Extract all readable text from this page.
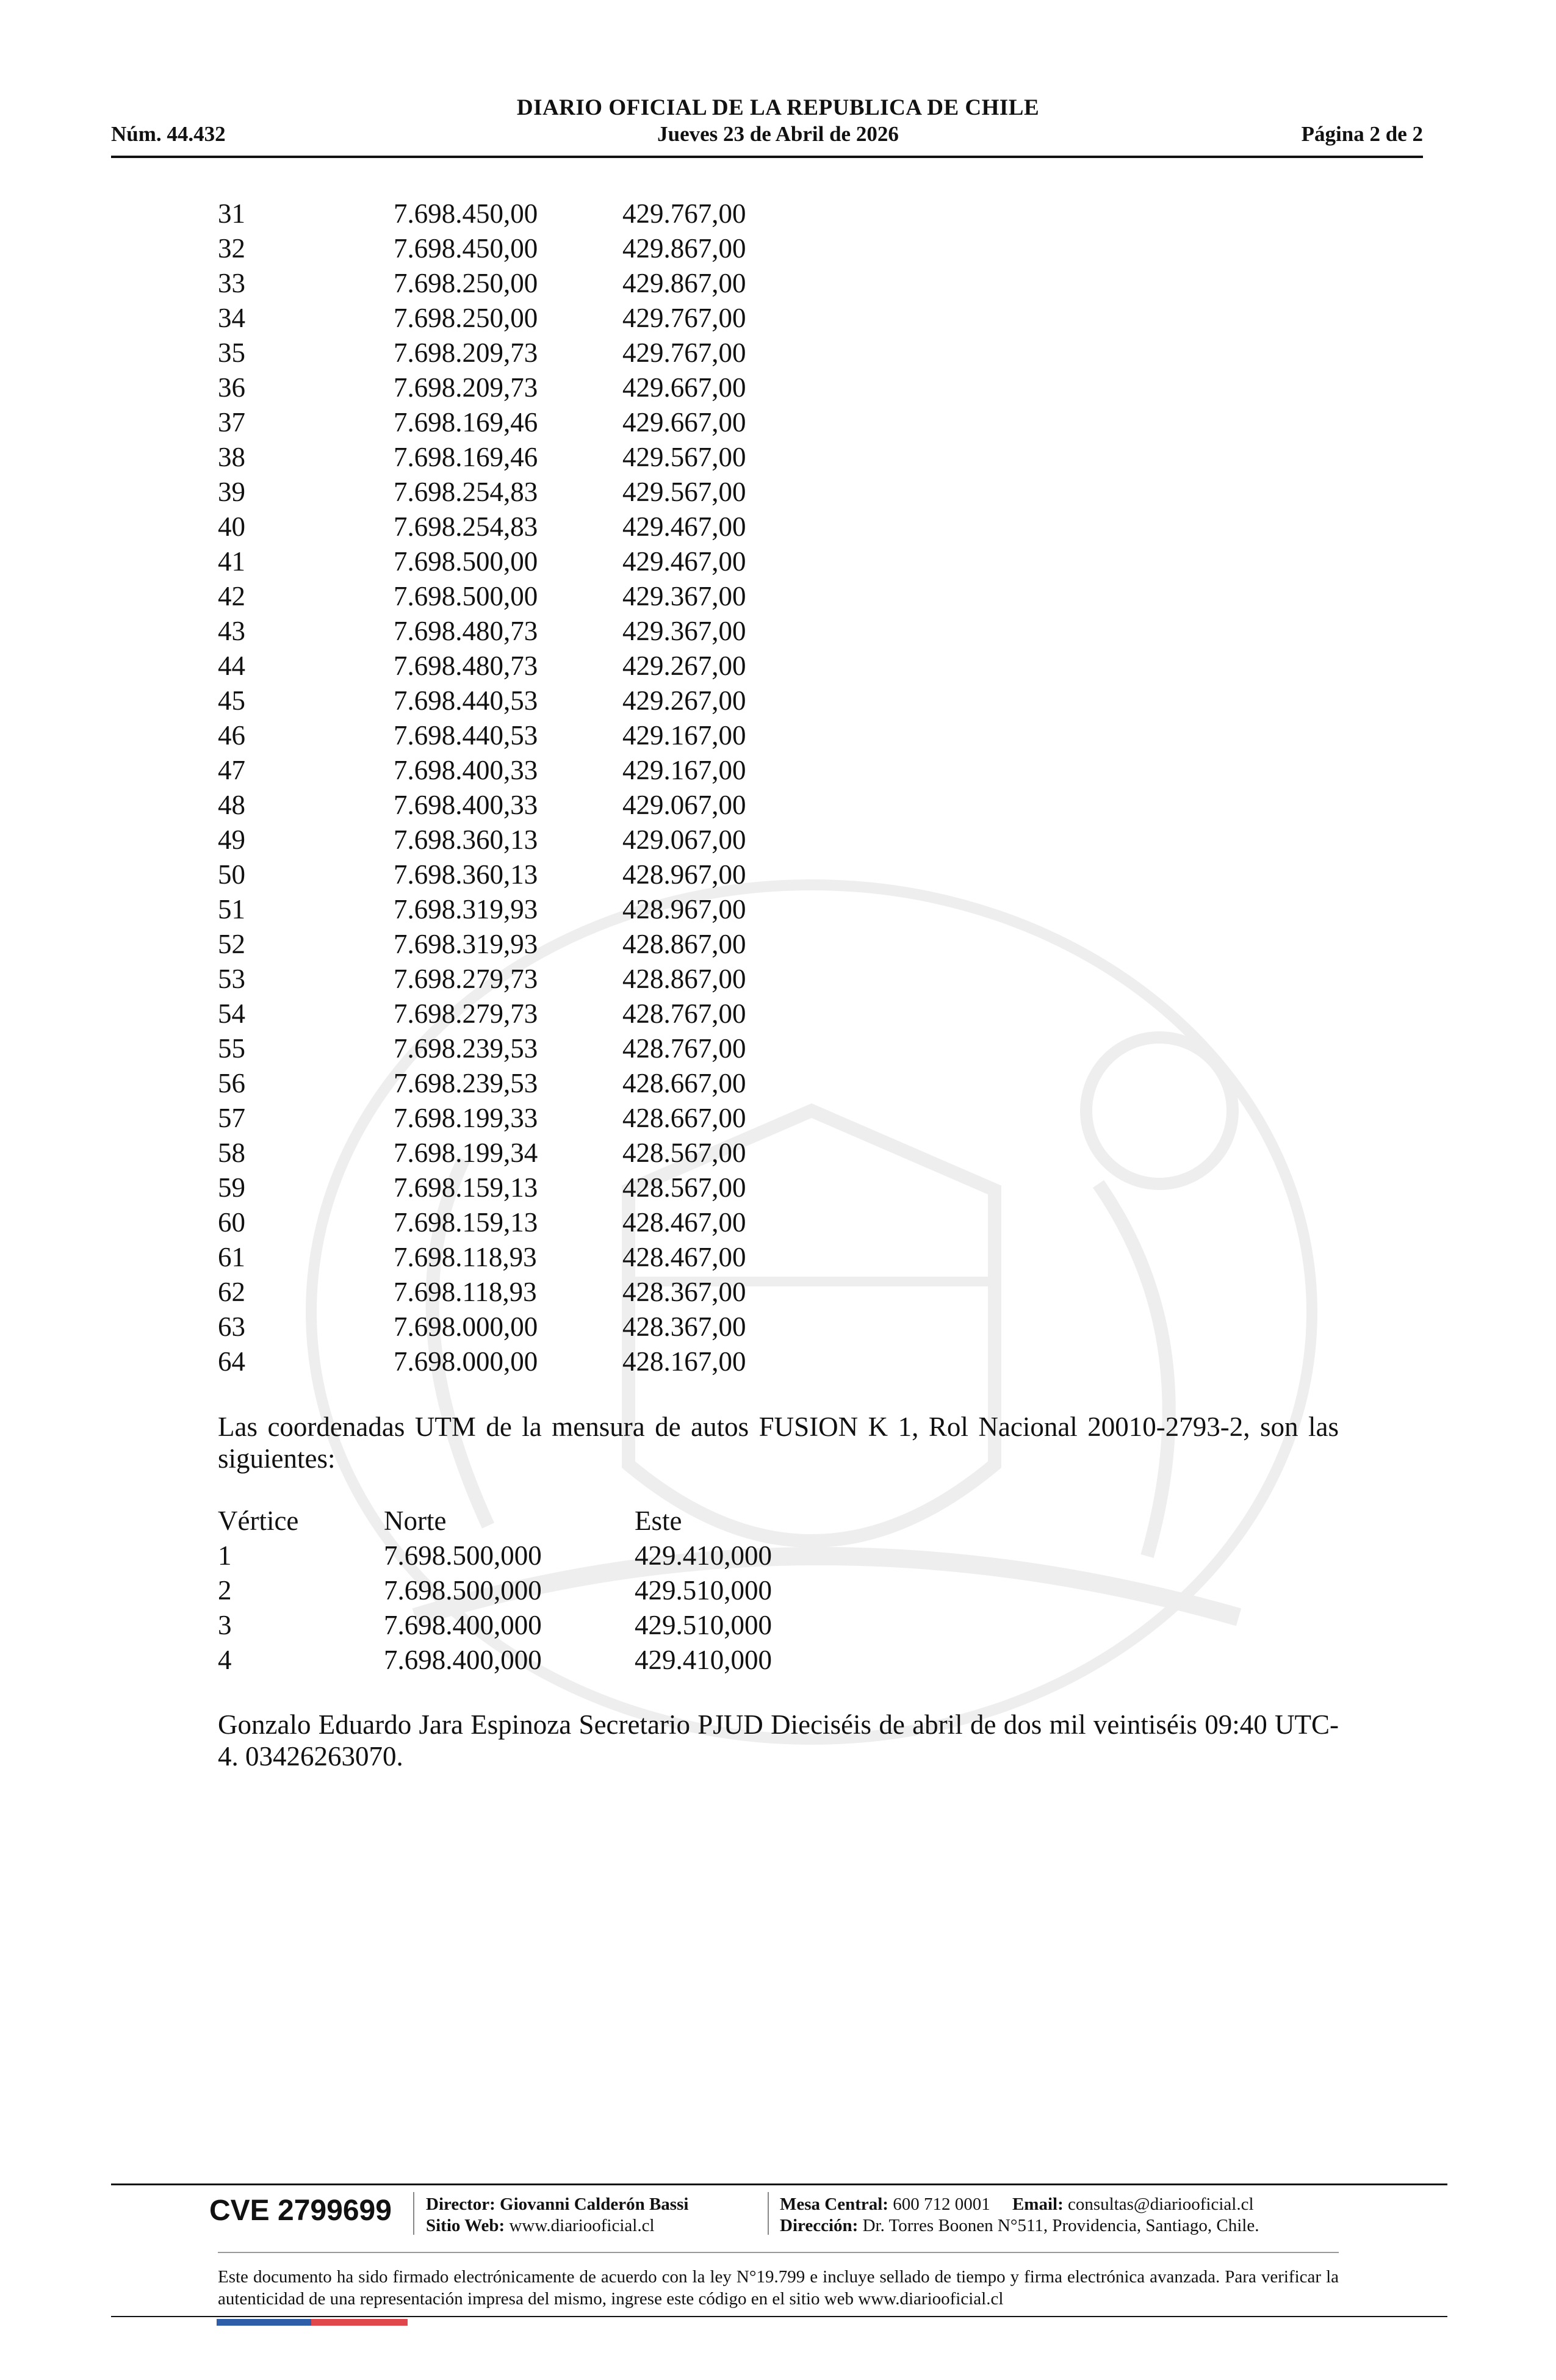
DIARIO OFICIAL DE LA REPUBLICA DE CHILE
Núm. 44.432	Jueves 23 de Abril de 2026	Página 2 de 2
31	7.698.450,00	429.767,00
32	7.698.450,00	429.867,00
33	7.698.250,00	429.867,00
34	7.698.250,00	429.767,00
35	7.698.209,73	429.767,00
36	7.698.209,73	429.667,00
37	7.698.169,46	429.667,00
38	7.698.169,46	429.567,00
39	7.698.254,83	429.567,00
40	7.698.254,83	429.467,00
41	7.698.500,00	429.467,00
42	7.698.500,00	429.367,00
43	7.698.480,73	429.367,00
44	7.698.480,73	429.267,00
45	7.698.440,53	429.267,00
46	7.698.440,53	429.167,00
47	7.698.400,33	429.167,00
48	7.698.400,33	429.067,00
49	7.698.360,13	429.067,00
50	7.698.360,13	428.967,00
51	7.698.319,93	428.967,00
52	7.698.319,93	428.867,00
53	7.698.279,73	428.867,00
54	7.698.279,73	428.767,00
55	7.698.239,53	428.767,00
56	7.698.239,53	428.667,00
57	7.698.199,33	428.667,00
58	7.698.199,34	428.567,00
59	7.698.159,13	428.567,00
60	7.698.159,13	428.467,00
61	7.698.118,93	428.467,00
62	7.698.118,93	428.367,00
63	7.698.000,00	428.367,00
64	7.698.000,00	428.167,00
Las coordenadas UTM de la mensura de autos FUSION K 1, Rol Nacional 20010-2793-2, son las siguientes:
Vértice	Norte	Este
1	7.698.500,000	429.410,000
2	7.698.500,000	429.510,000
3	7.698.400,000	429.510,000
4	7.698.400,000	429.410,000
Gonzalo Eduardo Jara Espinoza Secretario PJUD Dieciséis de abril de dos mil veintiséis 09:40 UTC-4. 03426263070.
CVE 2799699 Director: Giovanni Calderón Bassi
Sitio Web: www.diariooficial.cl
Mesa Central: 600 712 0001 Email: consultas@diariooficial.cl
Dirección: Dr. Torres Boonen N°511, Providencia, Santiago, Chile.
Este documento ha sido firmado electrónicamente de acuerdo con la ley N°19.799 e incluye sellado de tiempo y firma electrónica avanzada. Para verificar la autenticidad de una representación impresa del mismo, ingrese este código en el sitio web www.diariooficial.cl
